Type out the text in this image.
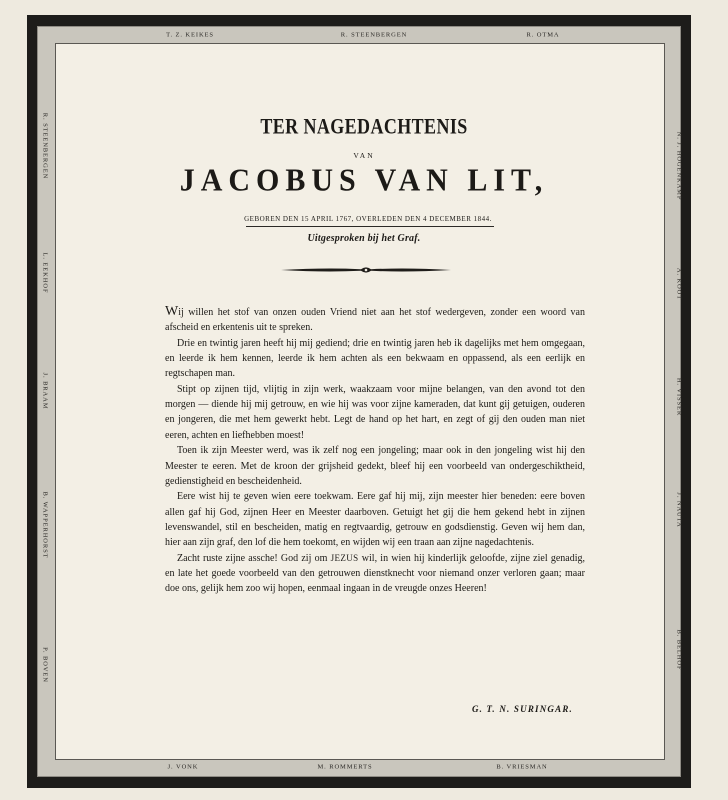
T. Z. KEIKES	R. STEENBERGEN	R. OTMA
J. VONK	M. ROMMERTS	B. VRIESMAN
R. STEENBERGEN
L. EEKHOF
J. BRAAM
B. WAPPERHORST
P. BOVEN
N. J. HOGENKAMP
A. KOOT
H. VISSER
J. NAUTA
B. BELHOF
TER NAGEDACHTENIS
VAN
JACOBUS VAN LIT,
GEBOREN DEN 15 APRIL 1767, OVERLEDEN DEN 4 DECEMBER 1844.
Uitgesproken bij het Graf.

Wij willen het stof van onzen ouden Vriend niet aan het stof wedergeven, zonder een woord van afscheid en erkentenis uit te spreken.

Drie en twintig jaren heeft hij mij gediend; drie en twintig jaren heb ik dagelijks met hem omgegaan, en leerde ik hem kennen, leerde ik hem achten als een bekwaam en oppassend, als een eerlijk en regtschapen man.

Stipt op zijnen tijd, vlijtig in zijn werk, waakzaam voor mijne belangen, van den avond tot den morgen — diende hij mij getrouw, en wie hij was voor zijne kameraden, dat kunt gij getuigen, ouderen en jongeren, die met hem gewerkt hebt. Legt de hand op het hart, en zegt of gij den ouden man niet eeren, achten en liefhebben moest!

Toen ik zijn Meester werd, was ik zelf nog een jongeling; maar ook in den jongeling wist hij den Meester te eeren. Met de kroon der grijsheid gedekt, bleef hij een voorbeeld van ondergeschiktheid, gedienstigheid en bescheidenheid.

Eere wist hij te geven wien eere toekwam. Eere gaf hij mij, zijn meester hier beneden: eere boven allen gaf hij God, zijnen Heer en Meester daarboven. Getuigt het gij die hem gekend hebt in zijnen levenswandel, stil en bescheiden, matig en regtvaardig, getrouw en godsdienstig. Geven wij hem dan, hier aan zijn graf, den lof die hem toekomt, en wijden wij een traan aan zijne nagedachtenis.

Zacht ruste zijne assche! God zij om JEZUS wil, in wien hij kinderlijk geloofde, zijne ziel genadig, en late het goede voorbeeld van den getrouwen dienstknecht voor niemand onzer verloren gaan; maar doe ons, gelijk hem zoo wij hopen, eenmaal ingaan in de vreugde onzes Heeren!

G. T. N. SURINGAR.
